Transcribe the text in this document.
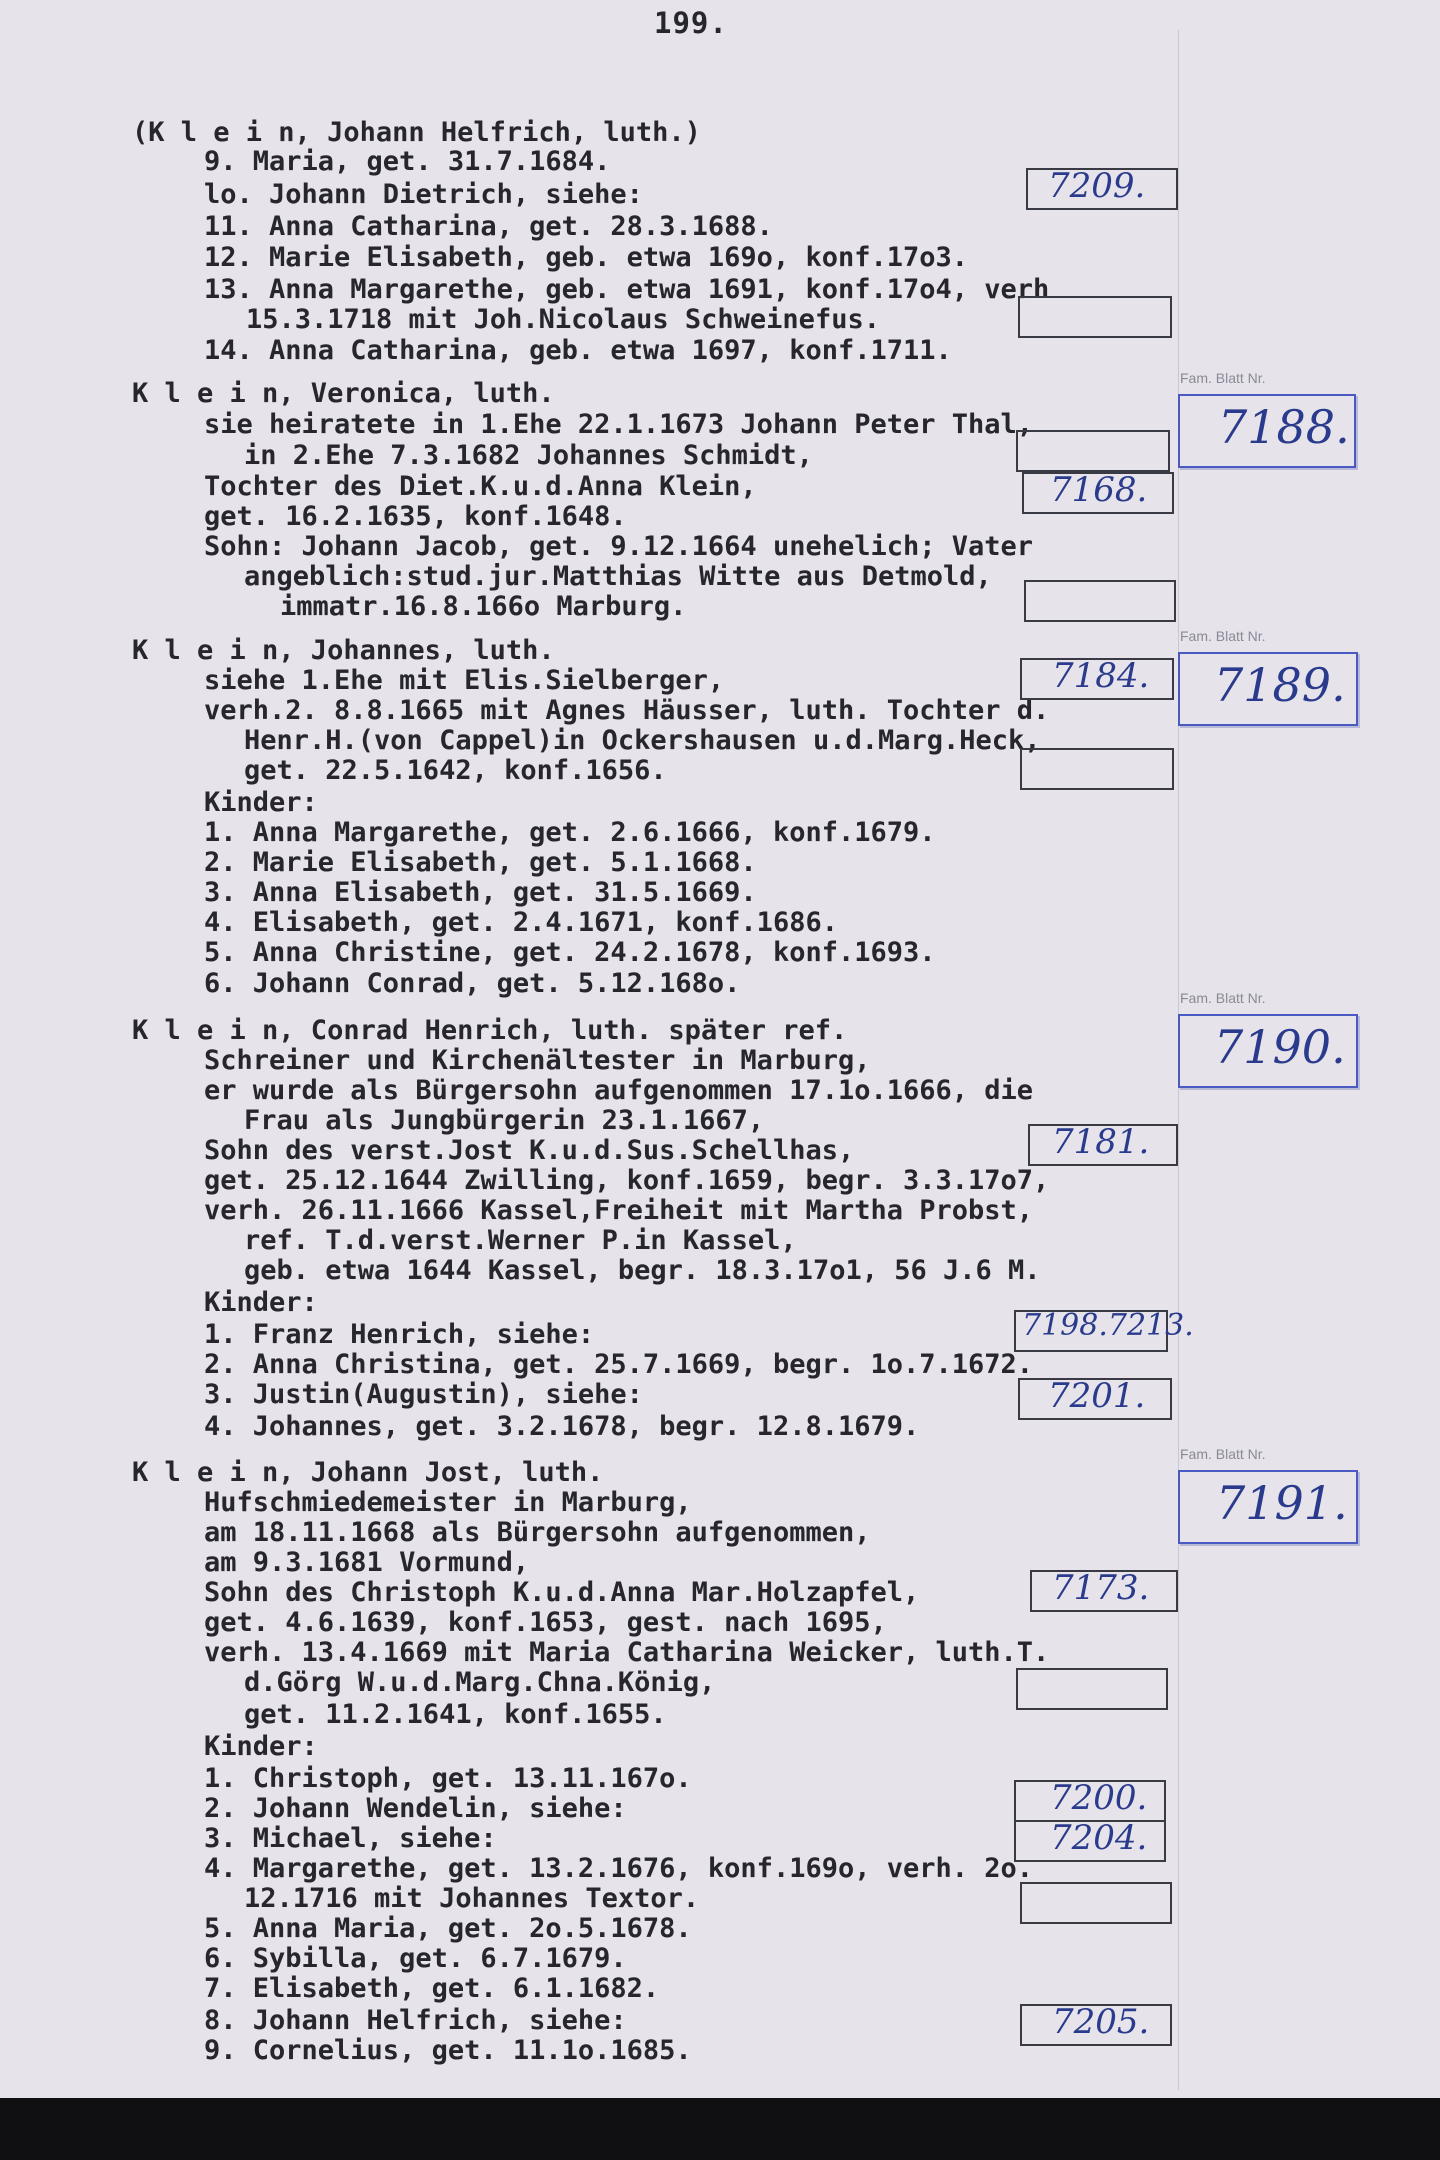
199.
(K l e i n, Johann Helfrich, luth.)
9. Maria, get. 31.7.1684.
lo. Johann Dietrich, siehe:
11. Anna Catharina, get. 28.3.1688.
12. Marie Elisabeth, geb. etwa 169o, konf.17o3.
13. Anna Margarethe, geb. etwa 1691, konf.17o4, verh
15.3.1718 mit Joh.Nicolaus Schweinefus.
14. Anna Catharina, geb. etwa 1697, konf.1711.
7209.
K l e i n, Veronica, luth.
sie heiratete in 1.Ehe 22.1.1673 Johann Peter Thal,
in 2.Ehe 7.3.1682 Johannes Schmidt,
Tochter des Diet.K.u.d.Anna Klein,
get. 16.2.1635, konf.1648.
Sohn: Johann Jacob, get. 9.12.1664 unehelich; Vater
angeblich:stud.jur.Matthias Witte aus Detmold,
immatr.16.8.166o Marburg.
7168.
Fam. Blatt Nr.
7188.
K l e i n, Johannes, luth.
siehe 1.Ehe mit Elis.Sielberger,
verh.2. 8.8.1665 mit Agnes Häusser, luth. Tochter d.
Henr.H.(von Cappel)in Ockershausen u.d.Marg.Heck,
get. 22.5.1642, konf.1656.
Kinder:
1. Anna Margarethe, get. 2.6.1666, konf.1679.
2. Marie Elisabeth, get. 5.1.1668.
3. Anna Elisabeth, get. 31.5.1669.
4. Elisabeth, get. 2.4.1671, konf.1686.
5. Anna Christine, get. 24.2.1678, konf.1693.
6. Johann Conrad, get. 5.12.168o.
7184.
Fam. Blatt Nr.
7189.
K l e i n, Conrad Henrich, luth. später ref.
Schreiner und Kirchenältester in Marburg,
er wurde als Bürgersohn aufgenommen 17.1o.1666, die
Frau als Jungbürgerin 23.1.1667,
Sohn des verst.Jost K.u.d.Sus.Schellhas,
get. 25.12.1644 Zwilling, konf.1659, begr. 3.3.17o7,
verh. 26.11.1666 Kassel,Freiheit mit Martha Probst,
ref. T.d.verst.Werner P.in Kassel,
geb. etwa 1644 Kassel, begr. 18.3.17o1, 56 J.6 M.
Kinder:
1. Franz Henrich, siehe:
2. Anna Christina, get. 25.7.1669, begr. 1o.7.1672.
3. Justin(Augustin), siehe:
4. Johannes, get. 3.2.1678, begr. 12.8.1679.
7181.
7198.7213.
7201.
Fam. Blatt Nr.
7190.
K l e i n, Johann Jost, luth.
Hufschmiedemeister in Marburg,
am 18.11.1668 als Bürgersohn aufgenommen,
am 9.3.1681 Vormund,
Sohn des Christoph K.u.d.Anna Mar.Holzapfel,
get. 4.6.1639, konf.1653, gest. nach 1695,
verh. 13.4.1669 mit Maria Catharina Weicker, luth.T.
d.Görg W.u.d.Marg.Chna.König,
get. 11.2.1641, konf.1655.
Kinder:
1. Christoph, get. 13.11.167o.
2. Johann Wendelin, siehe:
3. Michael, siehe:
4. Margarethe, get. 13.2.1676, konf.169o, verh. 2o.
12.1716 mit Johannes Textor.
5. Anna Maria, get. 2o.5.1678.
6. Sybilla, get. 6.7.1679.
7. Elisabeth, get. 6.1.1682.
8. Johann Helfrich, siehe:
9. Cornelius, get. 11.1o.1685.
7173.
7200.
7204.
7205.
Fam. Blatt Nr.
7191.
